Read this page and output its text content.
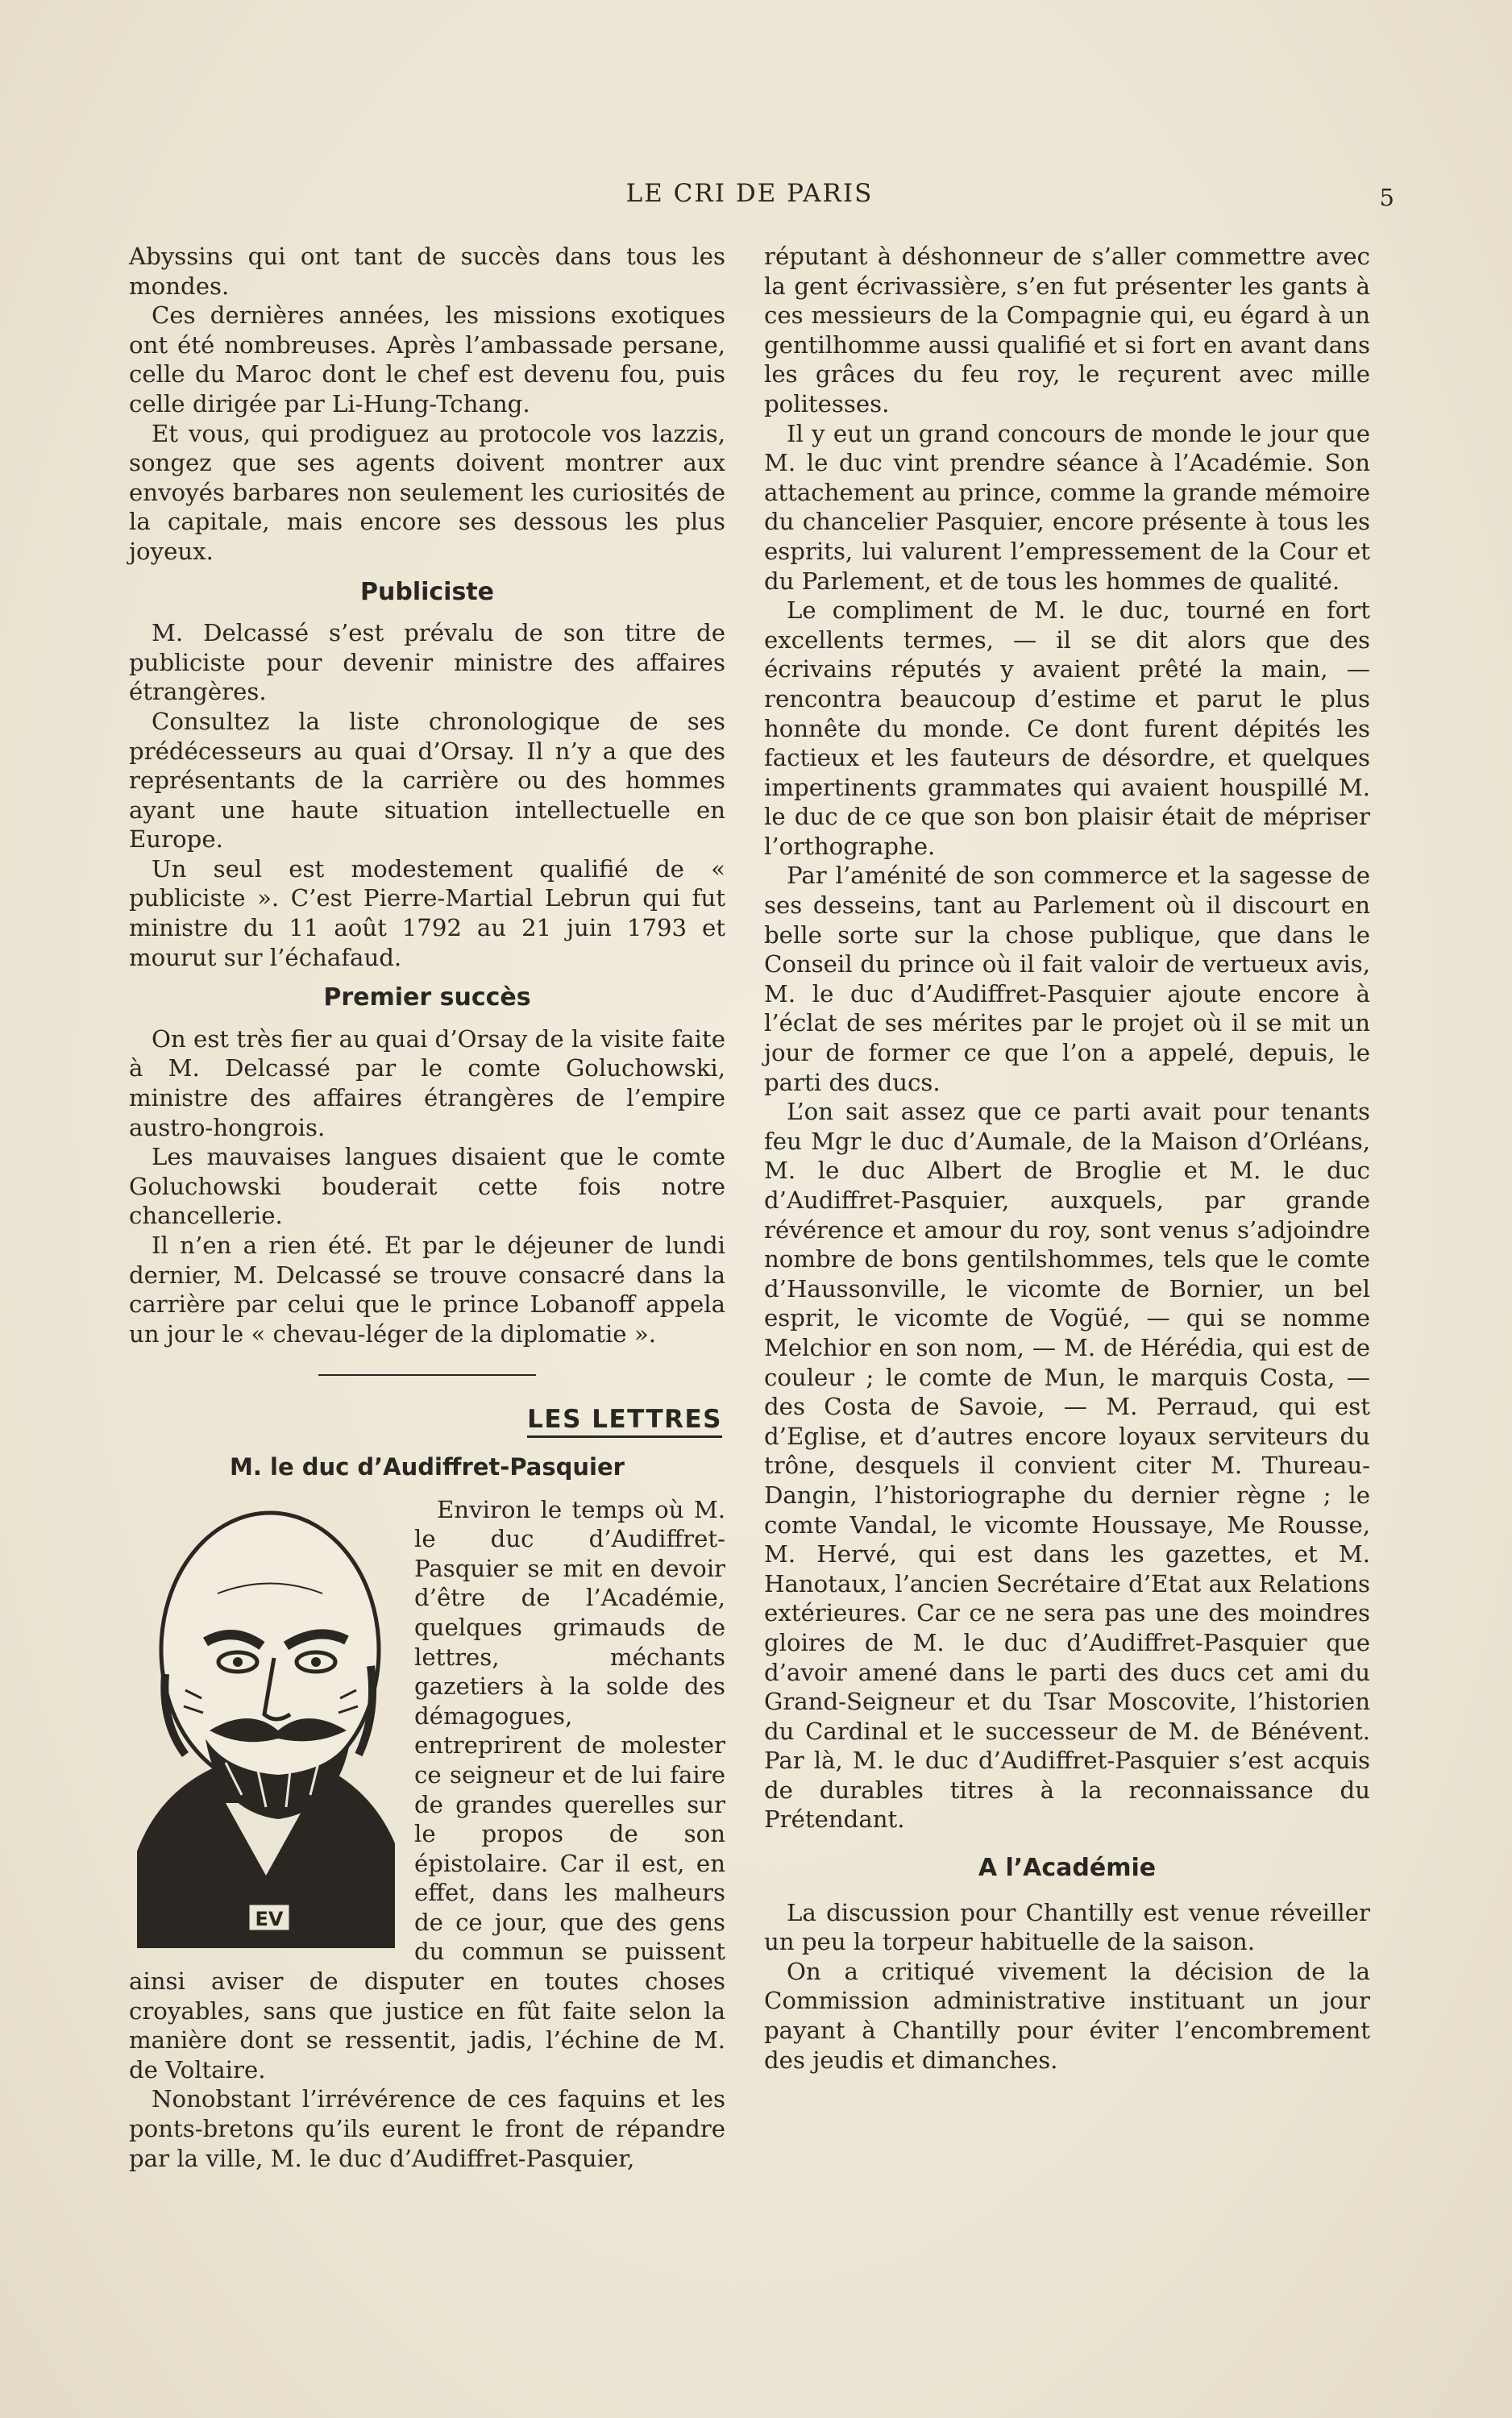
LE CRI DE PARIS	5

Abyssins qui ont tant de succès dans tous les mondes.

Ces dernières années, les missions exotiques ont été nombreuses. Après l’ambassade persane, celle du Maroc dont le chef est devenu fou, puis celle dirigée par Li-Hung-Tchang.

Et vous, qui prodiguez au protocole vos lazzis, songez que ses agents doivent montrer aux envoyés barbares non seulement les curiosités de la capitale, mais encore ses dessous les plus joyeux.

Publiciste

M. Delcassé s’est prévalu de son titre de publiciste pour devenir ministre des affaires étrangères.

Consultez la liste chronologique de ses prédécesseurs au quai d’Orsay. Il n’y a que des représentants de la carrière ou des hommes ayant une haute situation intellectuelle en Europe.

Un seul est modestement qualifié de « publiciste ». C’est Pierre-Martial Lebrun qui fut ministre du 11 août 1792 au 21 juin 1793 et mourut sur l’échafaud.

Premier succès

On est très fier au quai d’Orsay de la visite faite à M. Delcassé par le comte Goluchowski, ministre des affaires étrangères de l’empire austro-hongrois.

Les mauvaises langues disaient que le comte Goluchowski bouderait cette fois notre chancellerie.

Il n’en a rien été. Et par le déjeuner de lundi dernier, M. Delcassé se trouve consacré dans la carrière par celui que le prince Lobanoff appela un jour le « chevau-léger de la diplomatie ».

LES LETTRES
M. le duc d’Audiffret-Pasquier
EV

Environ le temps où M. le duc d’Audiffret-Pasquier se mit en devoir d’être de l’Académie, quelques grimauds de lettres, méchants gazetiers à la solde des démagogues, entreprirent de molester ce seigneur et de lui faire de grandes querelles sur le propos de son épistolaire. Car il est, en effet, dans les malheurs de ce jour, que des gens du commun se puissent ainsi aviser de disputer en toutes choses croyables, sans que justice en fût faite selon la manière dont se ressentit, jadis, l’échine de M. de Voltaire.

Nonobstant l’irrévérence de ces faquins et les ponts-bretons qu’ils eurent le front de répandre par la ville, M. le duc d’Audiffret-Pasquier,

réputant à déshonneur de s’aller commettre avec la gent écrivassière, s’en fut présenter les gants à ces messieurs de la Compagnie qui, eu égard à un gentilhomme aussi qualifié et si fort en avant dans les grâces du feu roy, le reçurent avec mille politesses.

Il y eut un grand concours de monde le jour que M. le duc vint prendre séance à l’Académie. Son attachement au prince, comme la grande mémoire du chancelier Pasquier, encore présente à tous les esprits, lui valurent l’empressement de la Cour et du Parlement, et de tous les hommes de qualité.

Le compliment de M. le duc, tourné en fort excellents termes, — il se dit alors que des écrivains réputés y avaient prêté la main, — rencontra beaucoup d’estime et parut le plus honnête du monde. Ce dont furent dépités les factieux et les fauteurs de désordre, et quelques impertinents grammates qui avaient houspillé M. le duc de ce que son bon plaisir était de mépriser l’orthographe.

Par l’aménité de son commerce et la sagesse de ses desseins, tant au Parlement où il discourt en belle sorte sur la chose publique, que dans le Conseil du prince où il fait valoir de vertueux avis, M. le duc d’Audiffret-Pasquier ajoute encore à l’éclat de ses mérites par le projet où il se mit un jour de former ce que l’on a appelé, depuis, le parti des ducs.

L’on sait assez que ce parti avait pour tenants feu Mgr le duc d’Aumale, de la Maison d’Orléans, M. le duc Albert de Broglie et M. le duc d’Audiffret-Pasquier, auxquels, par grande révérence et amour du roy, sont venus s’adjoindre nombre de bons gentilshommes, tels que le comte d’Haussonville, le vicomte de Bornier, un bel esprit, le vicomte de Vogüé, — qui se nomme Melchior en son nom, — M. de Hérédia, qui est de couleur ; le comte de Mun, le marquis Costa, — des Costa de Savoie, — M. Perraud, qui est d’Eglise, et d’autres encore loyaux serviteurs du trône, desquels il convient citer M. Thureau-Dangin, l’historiographe du dernier règne ; le comte Vandal, le vicomte Houssaye, Me Rousse, M. Hervé, qui est dans les gazettes, et M. Hanotaux, l’ancien Secrétaire d’Etat aux Relations extérieures. Car ce ne sera pas une des moindres gloires de M. le duc d’Audiffret-Pasquier que d’avoir amené dans le parti des ducs cet ami du Grand-Seigneur et du Tsar Moscovite, l’historien du Cardinal et le successeur de M. de Bénévent. Par là, M. le duc d’Audiffret-Pasquier s’est acquis de durables titres à la reconnaissance du Prétendant.

A l’Académie

La discussion pour Chantilly est venue réveiller un peu la torpeur habituelle de la saison.

On a critiqué vivement la décision de la Commission administrative instituant un jour payant à Chantilly pour éviter l’encombrement des jeudis et dimanches.
